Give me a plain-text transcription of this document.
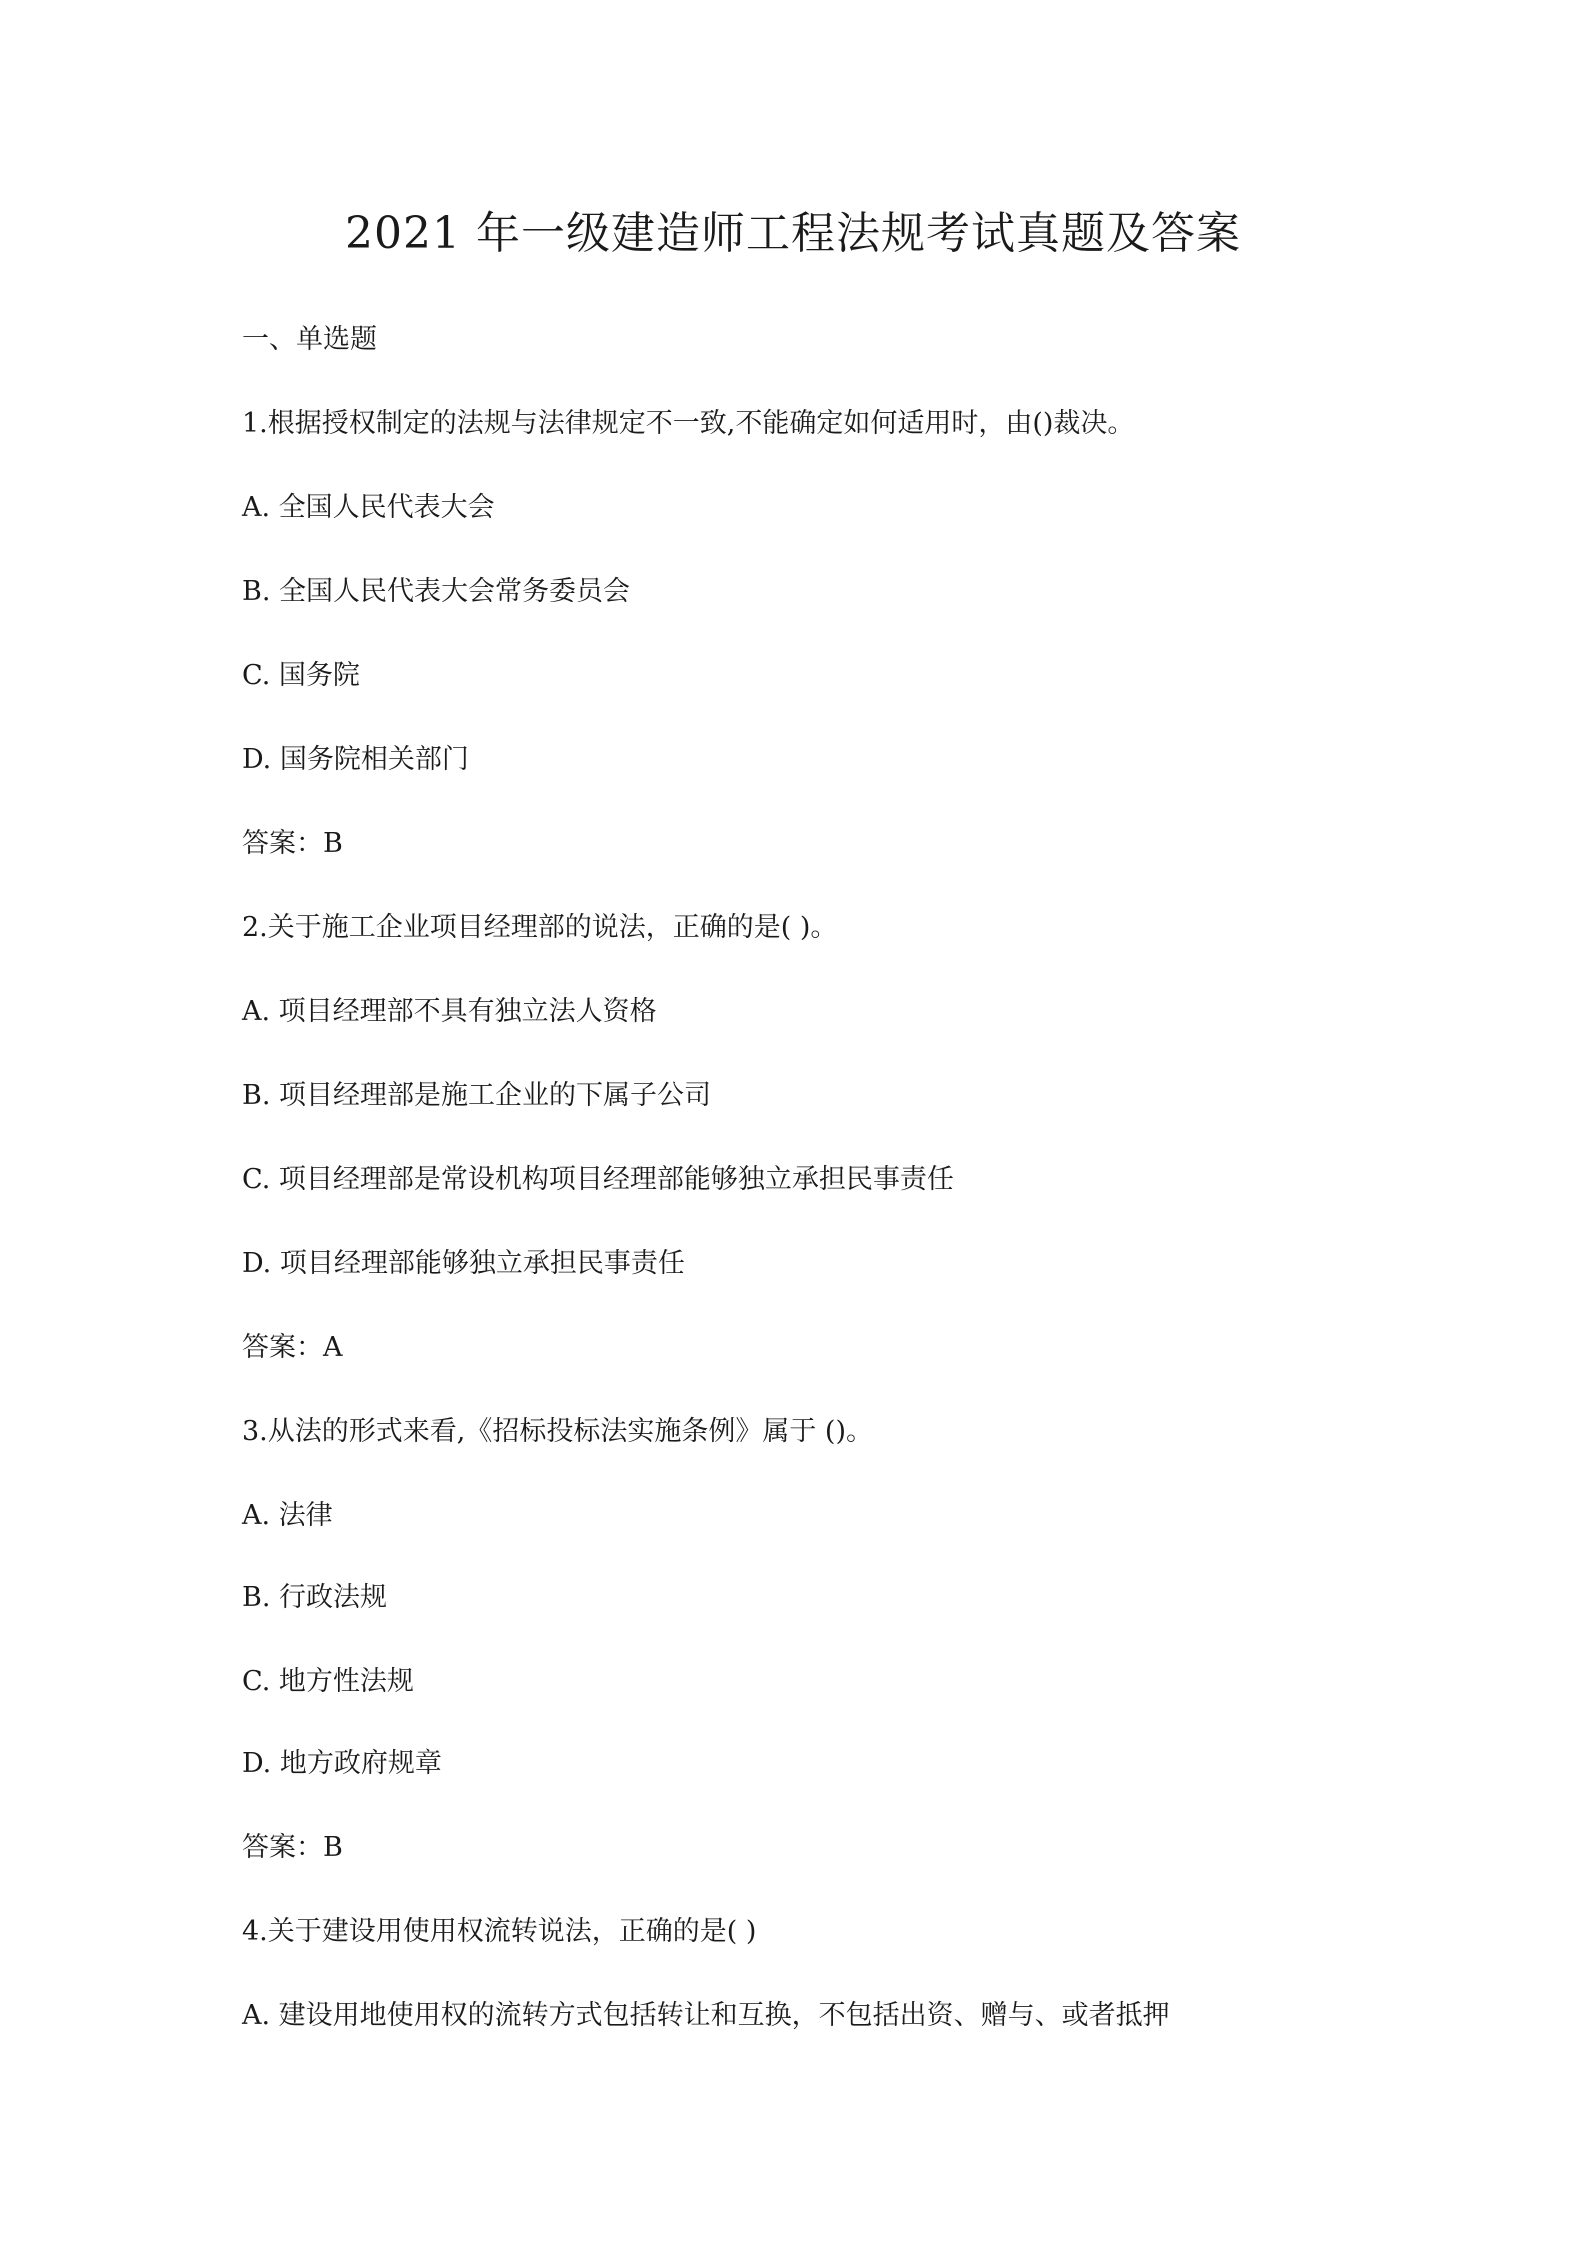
2021 年一级建造师工程法规考试真题及答案
一、单选题
1.根据授权制定的法规与法律规定不一致,不能确定如何适用时，由()裁决。
A. 全国人民代表大会
B. 全国人民代表大会常务委员会
C. 国务院
D. 国务院相关部门
答案：B
2.关于施工企业项目经理部的说法，正确的是( )。
A. 项目经理部不具有独立法人资格
B. 项目经理部是施工企业的下属子公司
C. 项目经理部是常设机构项目经理部能够独立承担民事责任
D. 项目经理部能够独立承担民事责任
答案：A
3.从法的形式来看,《招标投标法实施条例》属于 ()。
A. 法律
B. 行政法规
C. 地方性法规
D. 地方政府规章
答案：B
4.关于建设用使用权流转说法，正确的是( )
A. 建设用地使用权的流转方式包括转让和互换，不包括出资、赠与、或者抵押
